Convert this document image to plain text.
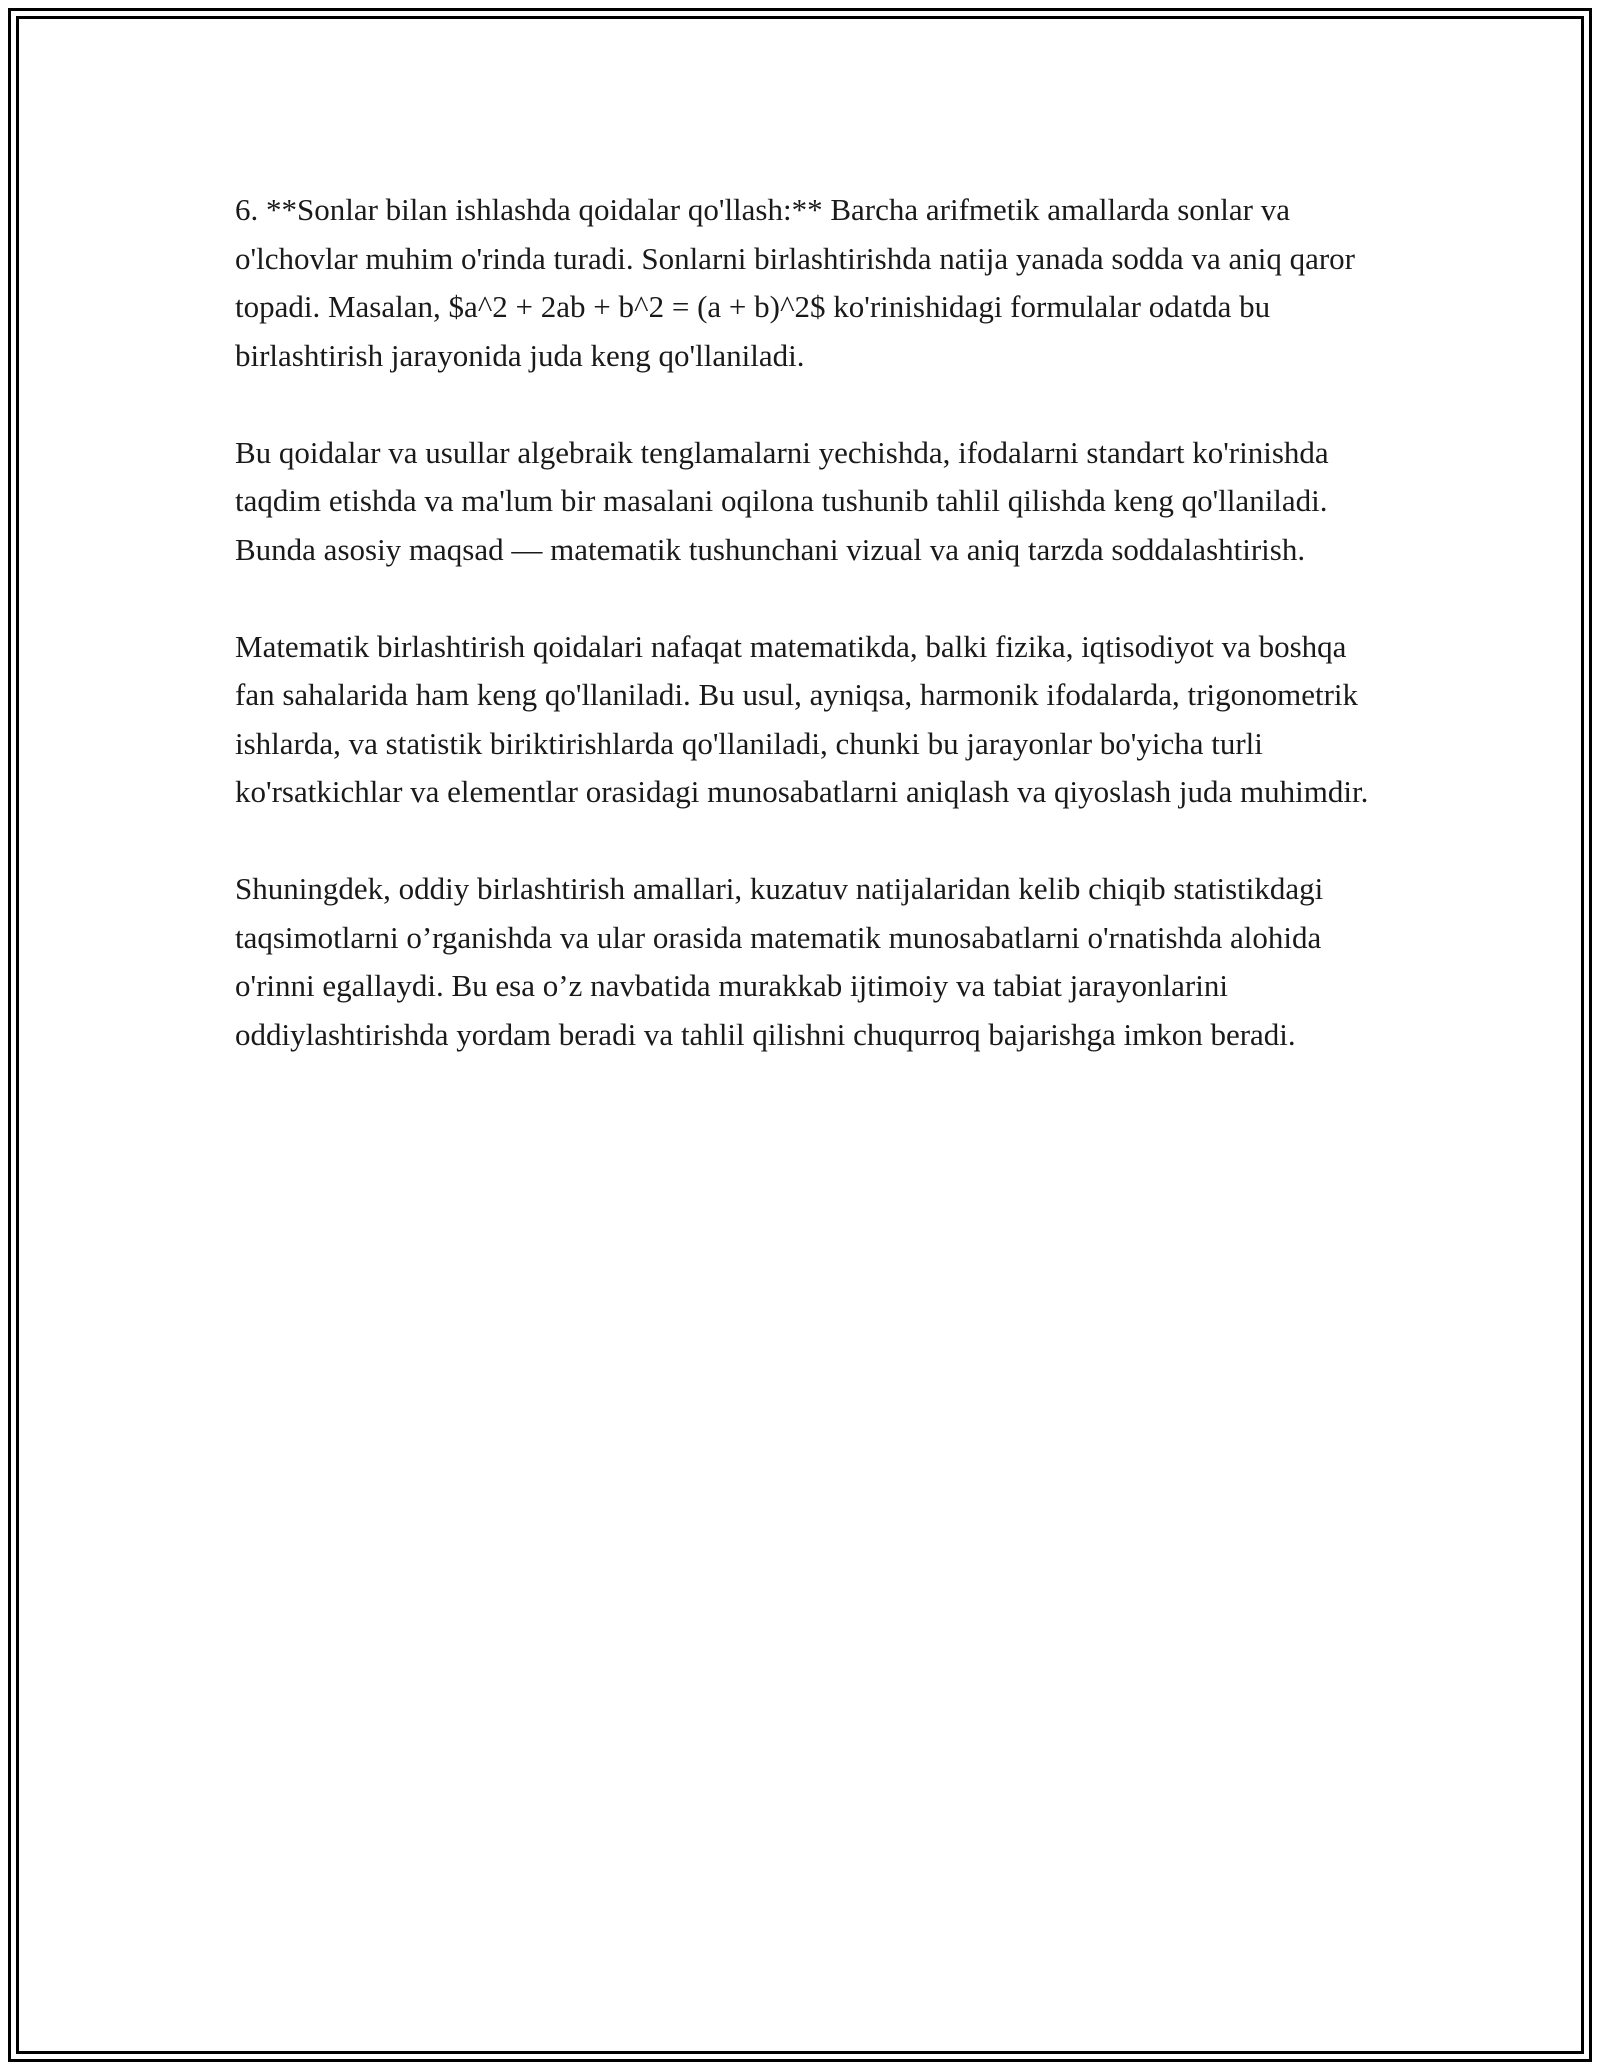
6. **Sonlar bilan ishlashda qoidalar qo'llash:** Barcha arifmetik amallarda sonlar va o'lchovlar muhim o'rinda turadi. Sonlarni birlashtirishda natija yanada sodda va aniq qaror topadi. Masalan, $a^2 + 2ab + b^2 = (a + b)^2$ ko'rinishidagi formulalar odatda bu birlashtirish jarayonida juda keng qo'llaniladi.

Bu qoidalar va usullar algebraik tenglamalarni yechishda, ifodalarni standart ko'rinishda taqdim etishda va ma'lum bir masalani oqilona tushunib tahlil qilishda keng qo'llaniladi. Bunda asosiy maqsad — matematik tushunchani vizual va aniq tarzda soddalashtirish.

Matematik birlashtirish qoidalari nafaqat matematikda, balki fizika, iqtisodiyot va boshqa fan sahalarida ham keng qo'llaniladi. Bu usul, ayniqsa, harmonik ifodalarda, trigonometrik ishlarda, va statistik biriktirishlarda qo'llaniladi, chunki bu jarayonlar bo'yicha turli ko'rsatkichlar va elementlar orasidagi munosabatlarni aniqlash va qiyoslash juda muhimdir.

Shuningdek, oddiy birlashtirish amallari, kuzatuv natijalaridan kelib chiqib statistikdagi taqsimotlarni o’rganishda va ular orasida matematik munosabatlarni o'rnatishda alohida o'rinni egallaydi. Bu esa o’z navbatida murakkab ijtimoiy va tabiat jarayonlarini oddiylashtirishda yordam beradi va tahlil qilishni chuqurroq bajarishga imkon beradi.
